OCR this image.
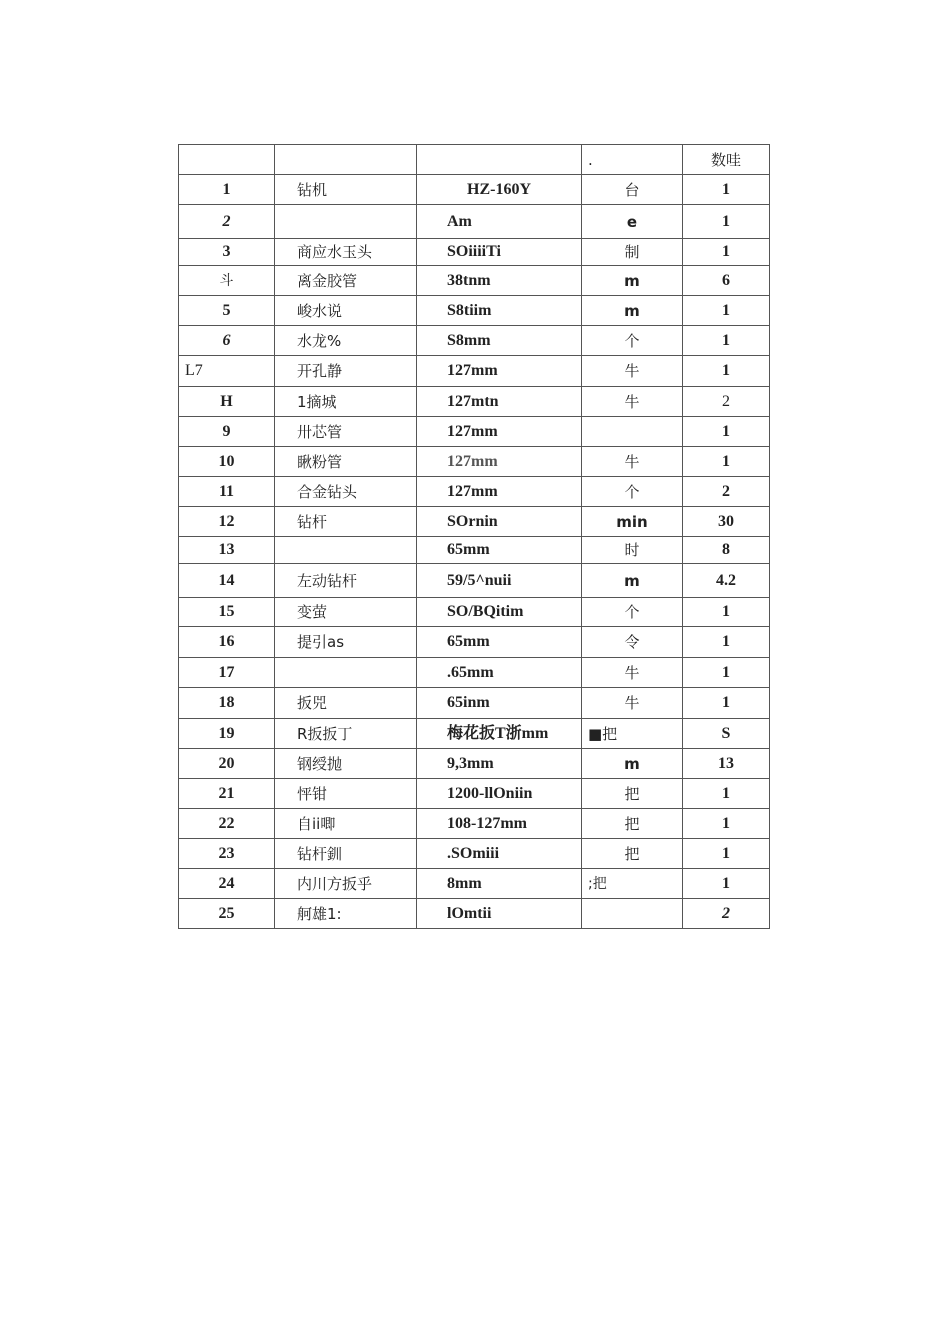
			.	数哇
1	钻机	HZ-160Y	台	1
2		Am	e	1
3	商应水玉头	SOiiiiTi	制	1
斗	离金胶管	38tnm	m	6
5	峻水说	S8tiim	m	1
6	水龙%	S8mm	个	1
L7	开孔静	127mm	牛	1
H	1摘城	127mtn	牛	2
9	卅芯管	127mm		1
10	瞅粉管	127mm	牛	1
11	合金钻头	127mm	个	2
12	钻杆	SOrnin	min	30
13		65mm	时	8
14	左动钻杆	59/5^nuii	m	4.2
15	变萤	SO/BQitim	个	1
16	提引as	65mm	令	1
17		.65mm	牛	1
18	扳兕	65inm	牛	1
19	R扳扳丁	梅花扳T浙mm	■把	S
20	钢绶抛	9,3mm	m	13
21	怦钳	1200-llOniin	把	1
22	自ii唧	108-127mm	把	1
23	钻杆釧	.SOmiii	把	1
24	内川方扳乎	8mm	;把	1
25	舸雄1:	lOmtii		2
